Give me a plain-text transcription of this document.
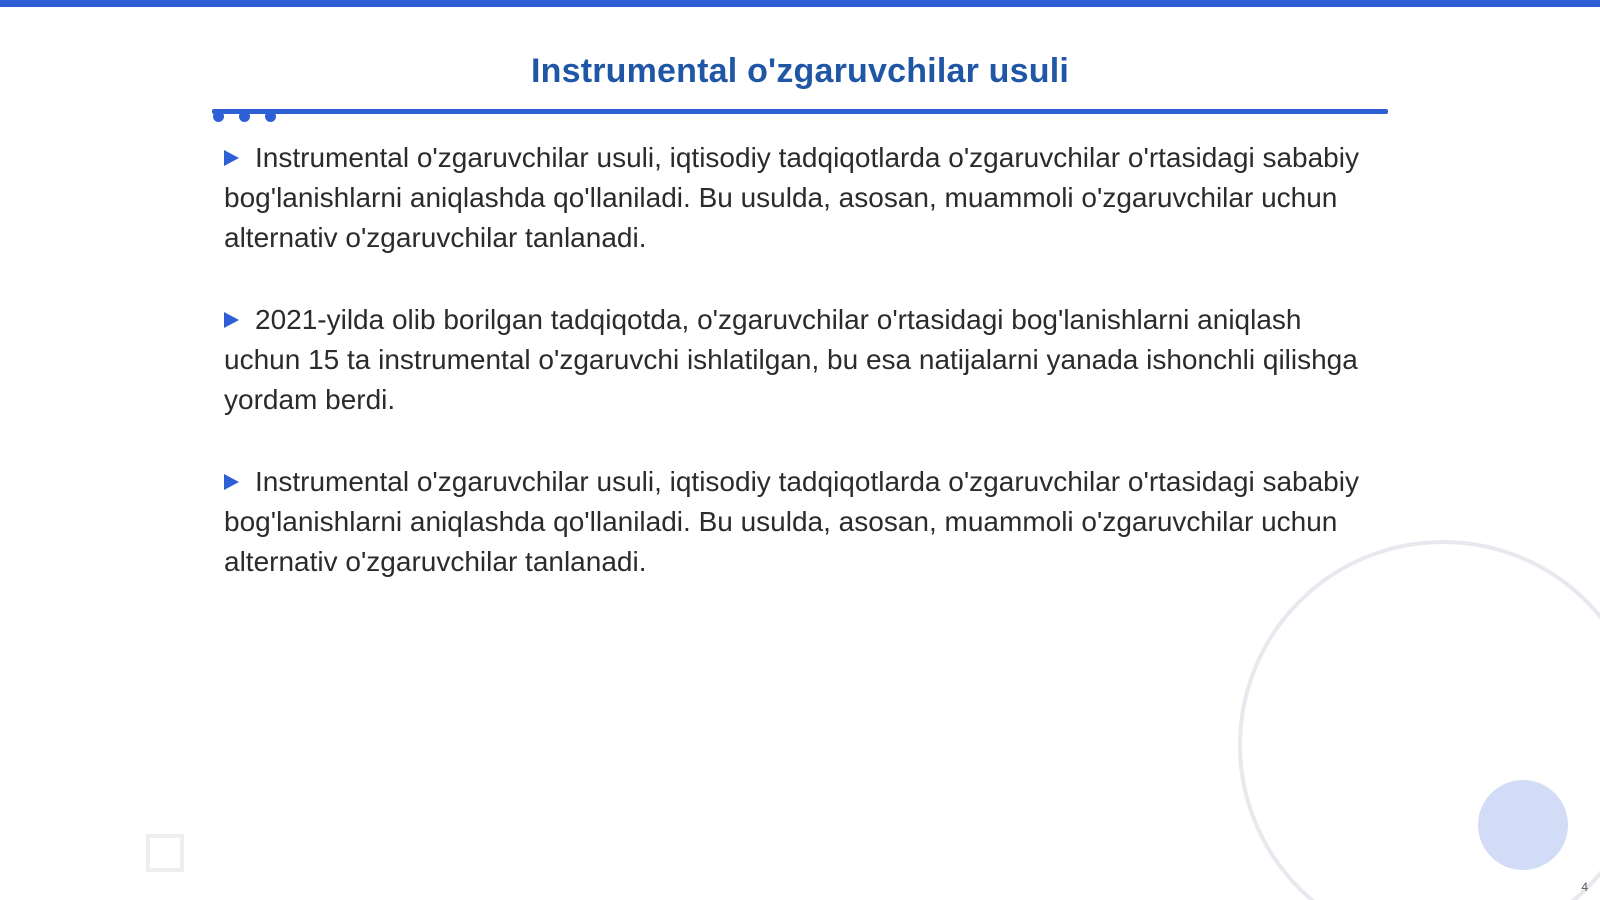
Instrumental o'zgaruvchilar usuli
Instrumental o'zgaruvchilar usuli, iqtisodiy tadqiqotlarda o'zgaruvchilar o'rtasidagi sababiy bog'lanishlarni aniqlashda qo'llaniladi. Bu usulda, asosan, muammoli o'zgaruvchilar uchun alternativ o'zgaruvchilar tanlanadi.
2021-yilda olib borilgan tadqiqotda, o'zgaruvchilar o'rtasidagi bog'lanishlarni aniqlash uchun 15 ta instrumental o'zgaruvchi ishlatilgan, bu esa natijalarni yanada ishonchli qilishga yordam berdi.
Instrumental o'zgaruvchilar usuli, iqtisodiy tadqiqotlarda o'zgaruvchilar o'rtasidagi sababiy bog'lanishlarni aniqlashda qo'llaniladi. Bu usulda, asosan, muammoli o'zgaruvchilar uchun alternativ o'zgaruvchilar tanlanadi.
4
